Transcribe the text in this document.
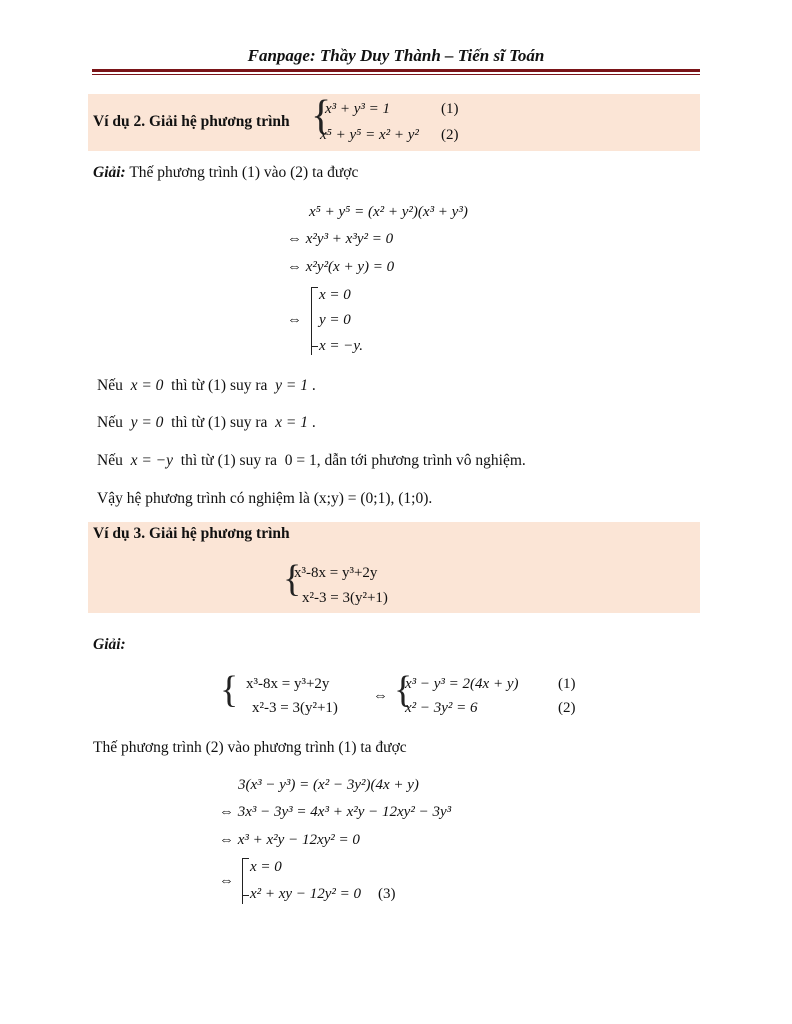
Fanpage: Thầy Duy Thành – Tiến sĩ Toán
Ví dụ 2. Giải hệ phương trình {
x³ + y³ = 1	(1)
x⁵ + y⁵ = x² + y² (2)
Giải: Thế phương trình (1) vào (2) ta được
x⁵ + y⁵ = (x² + y²)(x³ + y³)
⇔ x²y³ + x³y² = 0
⇔ x²y²(x + y) = 0
⇔
x = 0
y = 0
x = −y.
Nếu x = 0 thì từ (1) suy ra y = 1 .
Nếu y = 0 thì từ (1) suy ra x = 1 .
Nếu x = −y thì từ (1) suy ra 0 = 1, dẫn tới phương trình vô nghiệm.
Vậy hệ phương trình có nghiệm là (x;y) = (0;1), (1;0).
Ví dụ 3. Giải hệ phương trình
{
x³-8x = y³+2y
x²-3 = 3(y²+1)
Giải:
{ x³-8x = y³+2y
x²-3 = 3(y²+1)
⇔ {
x³ − y³ = 2(4x + y)	(1)
x² − 3y² = 6	(2)
Thế phương trình (2) vào phương trình (1) ta được
3(x³ − y³) = (x² − 3y²)(4x + y)
⇔ 3x³ − 3y³ = 4x³ + x²y − 12xy² − 3y³
⇔ x³ + x²y − 12xy² = 0
⇔
x = 0
x² + xy − 12y² = 0 (3)
